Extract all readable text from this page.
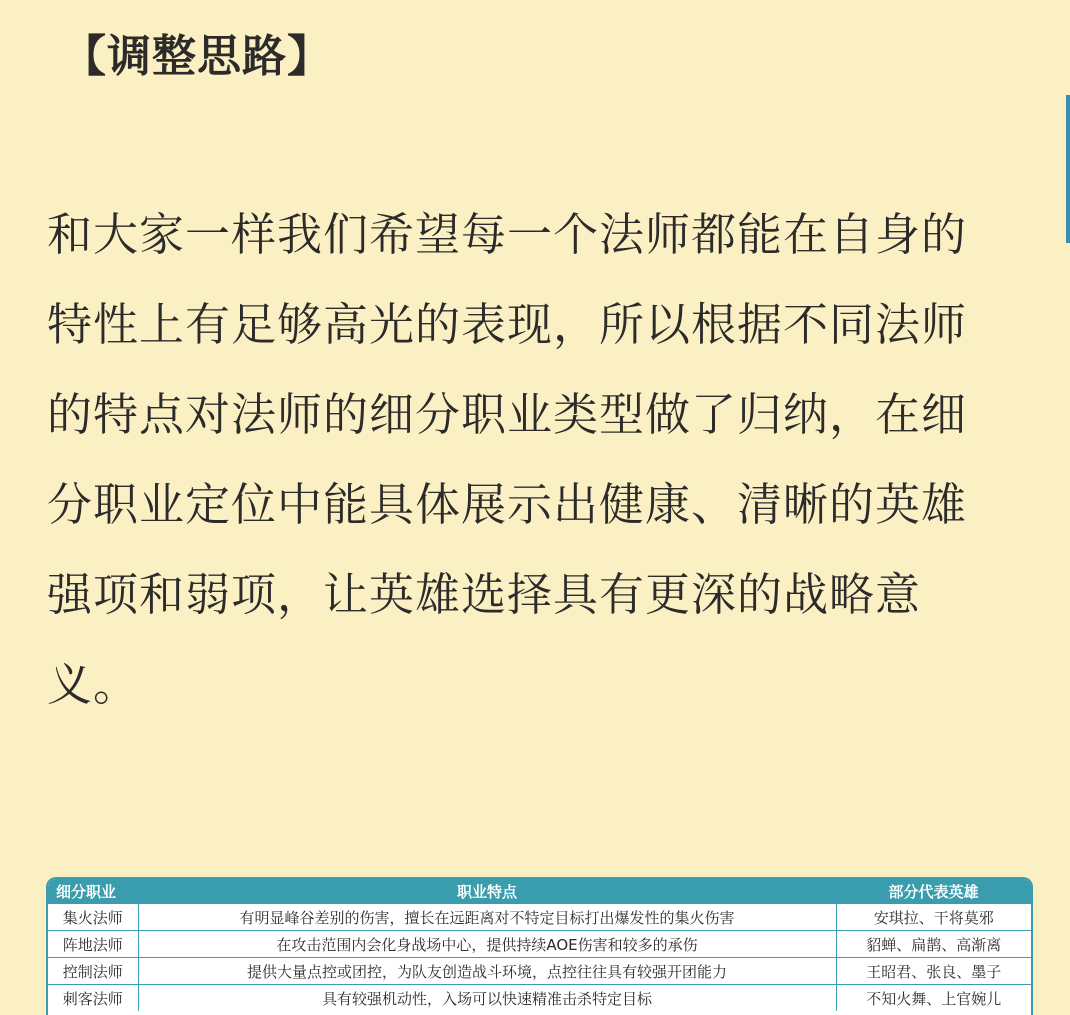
【调整思路】

和大家一样我们希望每一个法师都能在自身的特性上有足够高光的表现，所以根据不同法师的特点对法师的细分职业类型做了归纳，在细分职业定位中能具体展示出健康、清晰的英雄强项和弱项，让英雄选择具有更深的战略意义。

细分职业	职业特点	部分代表英雄
集火法师	有明显峰谷差别的伤害，擅长在远距离对不特定目标打出爆发性的集火伤害	安琪拉、干将莫邪
阵地法师	在攻击范围内会化身战场中心，提供持续AOE伤害和较多的承伤	貂蝉、扁鹊、高渐离
控制法师	提供大量点控或团控，为队友创造战斗环境，点控往往具有较强开团能力	王昭君、张良、墨子
刺客法师	具有较强机动性，入场可以快速精准击杀特定目标	不知火舞、上官婉儿
